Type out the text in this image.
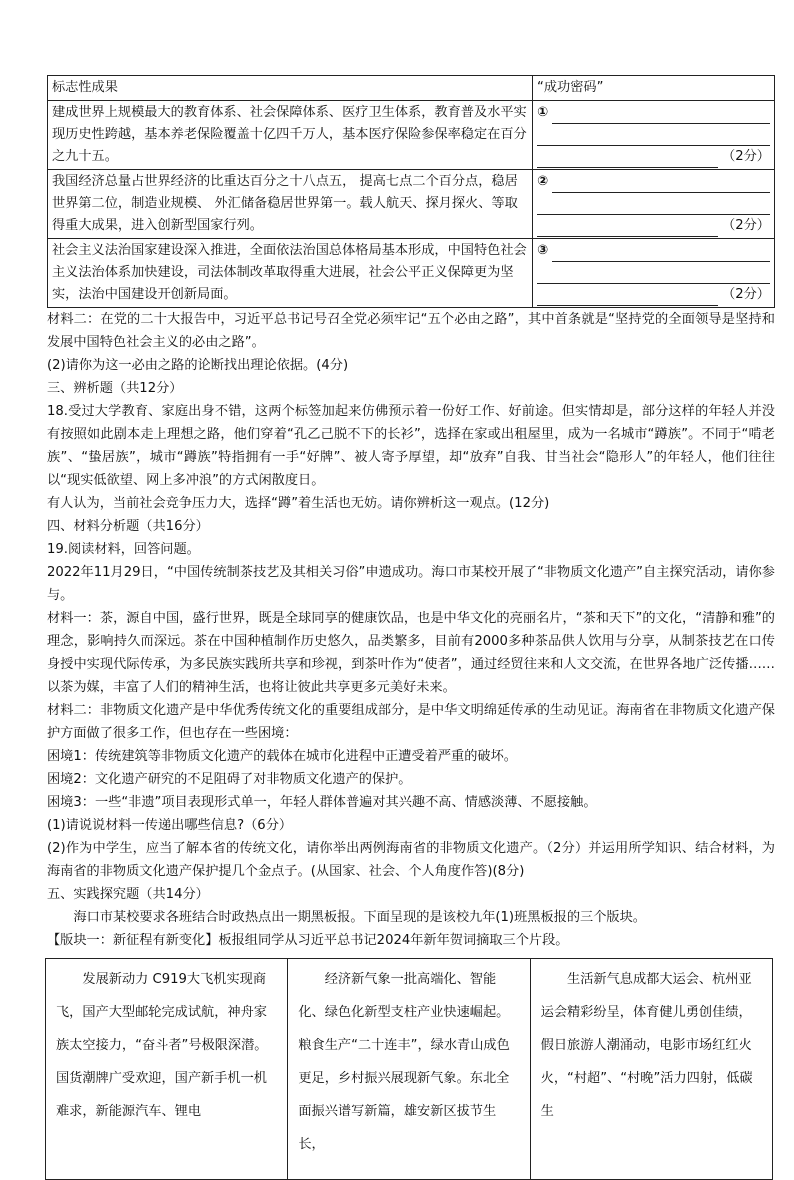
标志性成果	“成功密码”
建成世界上规模最大的教育体系、社会保障体系、医疗卫生体系，教育普及水平实现历史性跨越，基本养老保险覆盖十亿四千万人，基本医疗保险参保率稳定在百分之九十五。	①
（2分）

我国经济总量占世界经济的比重达百分之十八点五， 提高七点二个百分点，稳居世界第二位，制造业规模、 外汇储备稳居世界第一。载人航天、探月探火、等取得重大成果，进入创新型国家行列。	②
（2分）

社会主义法治国家建设深入推进，全面依法治国总体格局基本形成，中国特色社会主义法治体系加快建设，司法体制改革取得重大进展，社会公平正义保障更为坚实，法治中国建设开创新局面。	③
（2分）

材料二：在党的二十大报告中，习近平总书记号召全党必须牢记“五个必由之路”，其中首条就是“坚持党的全面领导是坚持和发展中国特色社会主义的必由之路”。

(2)请你为这一必由之路的论断找出理论依据。(4分)

三、辨析题（共12分）

18.受过大学教育、家庭出身不错，这两个标签加起来仿佛预示着一份好工作、好前途。但实情却是，部分这样的年轻人并没有按照如此剧本走上理想之路，他们穿着“孔乙己脱不下的长衫”，选择在家或出租屋里，成为一名城市“蹲族”。不同于“啃老族”、“蛰居族”，城市“蹲族”特指拥有一手“好牌”、被人寄予厚望，却“放弃”自我、甘当社会“隐形人”的年轻人，他们往往以“现实低欲望、网上多冲浪”的方式闲散度日。

有人认为，当前社会竞争压力大，选择“蹲”着生活也无妨。请你辨析这一观点。(12分)

四、材料分析题（共16分）

19.阅读材料，回答问题。

2022年11月29日，“中国传统制茶技艺及其相关习俗”申遗成功。海口市某校开展了“非物质文化遗产”自主探究活动，请你参与。

材料一：茶，源自中国，盛行世界，既是全球同享的健康饮品，也是中华文化的亮丽名片，“茶和天下”的文化，“清静和雅”的理念，影响持久而深远。茶在中国种植制作历史悠久，品类繁多，目前有2000多种茶品供人饮用与分享，从制茶技艺在口传身授中实现代际传承，为多民族实践所共享和珍视，到茶叶作为“使者”，通过经贸往来和人文交流，在世界各地广泛传播……以茶为媒，丰富了人们的精神生活，也将让彼此共享更多元美好未来。

材料二：非物质文化遗产是中华优秀传统文化的重要组成部分，是中华文明绵延传承的生动见证。海南省在非物质文化遗产保护方面做了很多工作，但也存在一些困境：

困境1：传统建筑等非物质文化遗产的载体在城市化进程中正遭受着严重的破坏。

困境2：文化遗产研究的不足阻碍了对非物质文化遗产的保护。

困境3：一些“非遗”项目表现形式单一，年轻人群体普遍对其兴趣不高、情感淡薄、不愿接触。

(1)请说说材料一传递出哪些信息?（6分）

(2)作为中学生，应当了解本省的传统文化，请你举出两例海南省的非物质文化遗产。（2分）并运用所学知识、结合材料，为海南省的非物质文化遗产保护提几个金点子。(从国家、社会、个人角度作答)(8分)

五、实践探究题（共14分）

海口市某校要求各班结合时政热点出一期黑板报。下面呈现的是该校九年(1)班黑板报的三个版块。

【版块一：新征程有新变化】板报组同学从习近平总书记2024年新年贺词摘取三个片段。

发展新动力 C919大飞机实现商飞，国产大型邮轮完成试航，神舟家族太空接力，“奋斗者”号极限深潜。国货潮牌广受欢迎，国产新手机一机难求，新能源汽车、锂电

经济新气象一批高端化、智能化、绿色化新型支柱产业快速崛起。粮食生产“二十连丰”，绿水青山成色更足，乡村振兴展现新气象。东北全面振兴谱写新篇，雄安新区拔节生长，

生活新气息成都大运会、杭州亚运会精彩纷呈，体育健儿勇创佳绩，假日旅游人潮涌动，电影市场红红火火，“村超”、“村晚”活力四射，低碳生
